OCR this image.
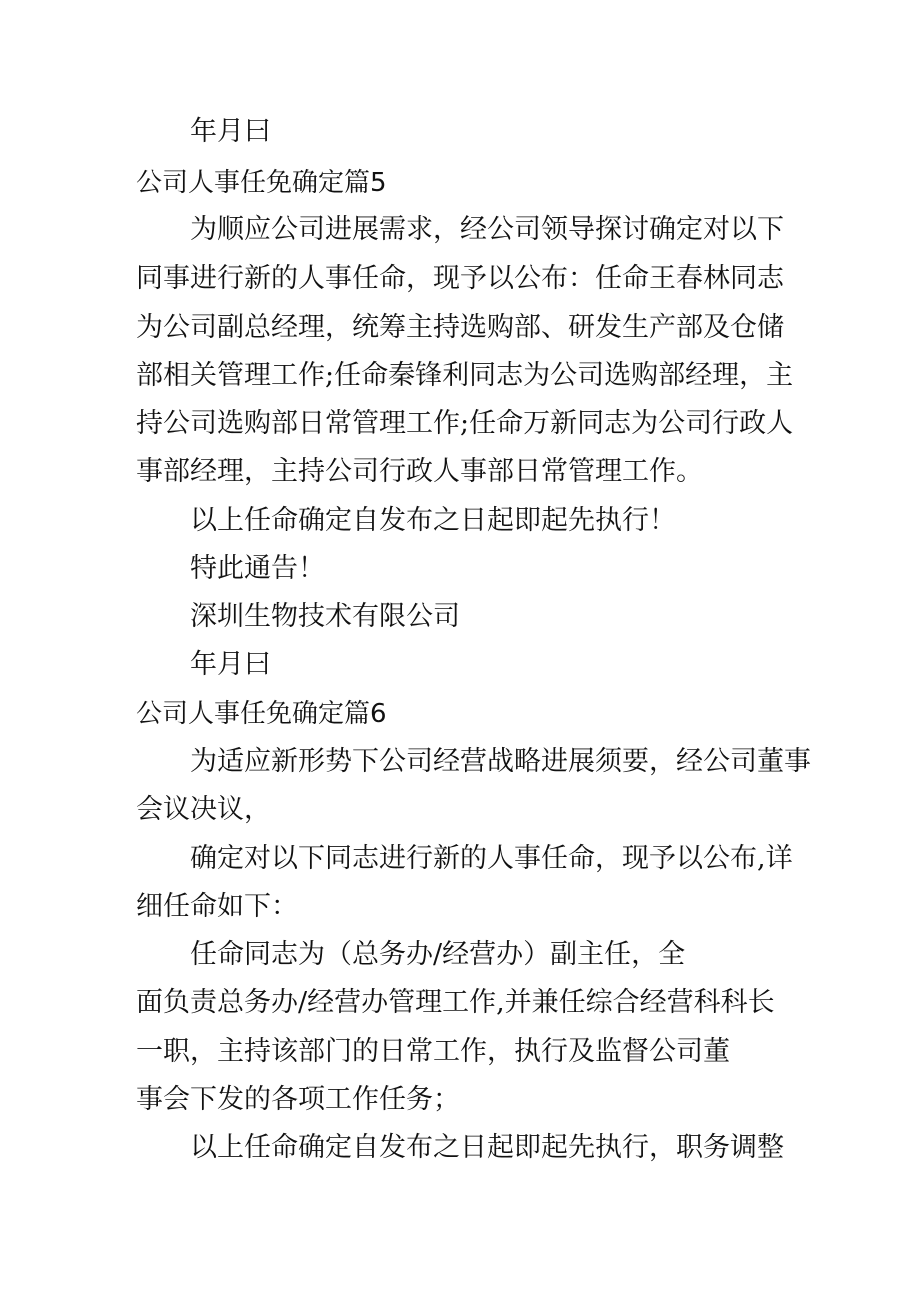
年月曰
公司人事任免确定篇5
为顺应公司进展需求，经公司领导探讨确定对以下
同事进行新的人事任命，现予以公布：任命王春林同志
为公司副总经理，统筹主持选购部、研发生产部及仓储
部相关管理工作;任命秦锋利同志为公司选购部经理，主
持公司选购部日常管理工作;任命万新同志为公司行政人
事部经理，主持公司行政人事部日常管理工作。
以上任命确定自发布之日起即起先执行！
特此通告！
深圳生物技术有限公司
年月曰
公司人事任免确定篇6
为适应新形势下公司经营战略进展须要，经公司董事
会议决议，
确定对以下同志进行新的人事任命，现予以公布,详
细任命如下：
任命同志为（总务办/经营办）副主任，全
面负责总务办/经营办管理工作,并兼任综合经营科科长
一职，主持该部门的日常工作，执行及监督公司董
事会下发的各项工作任务；
以上任命确定自发布之日起即起先执行，职务调整
